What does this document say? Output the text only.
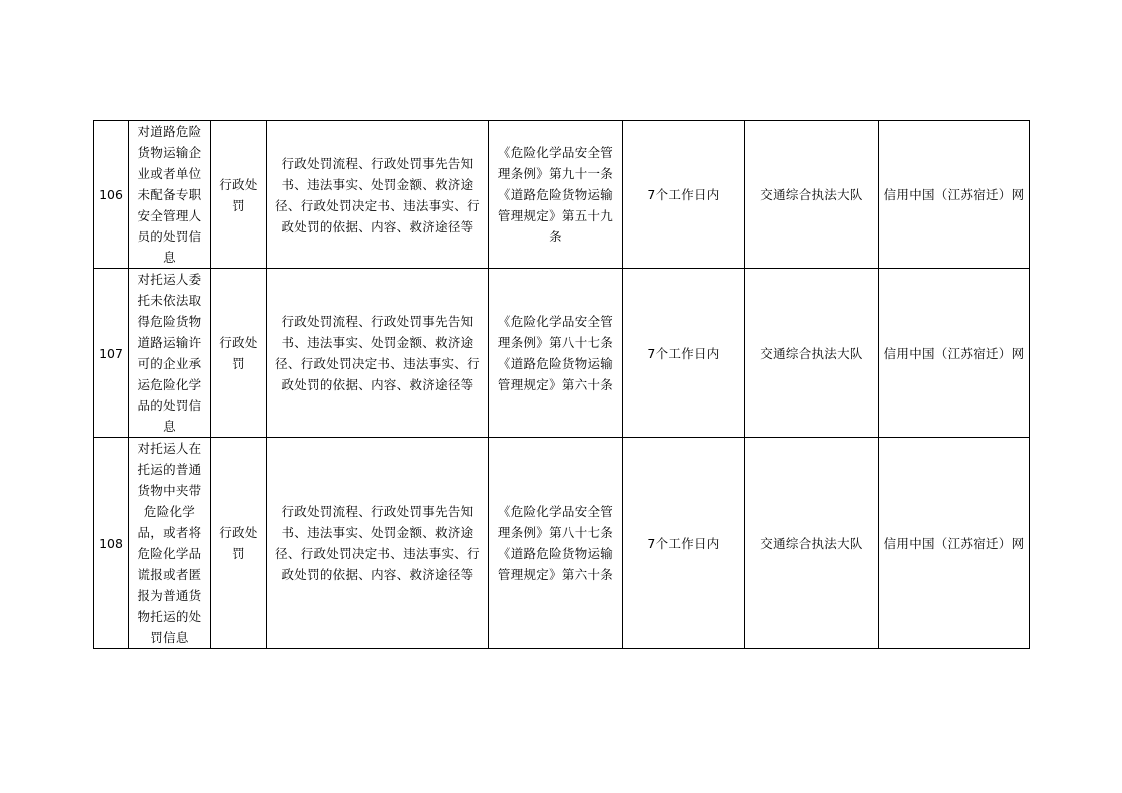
106	对道路危险货物运输企业或者单位未配备专职安全管理人员的处罚信息	行政处罚	行政处罚流程、行政处罚事先告知书、违法事实、处罚金额、救济途径、行政处罚决定书、违法事实、行政处罚的依据、内容、救济途径等	《危险化学品安全管理条例》第九十一条
《道路危险货物运输管理规定》第五十九条	7个工作日内	交通综合执法大队	信用中国（江苏宿迁）网

107	对托运人委托未依法取得危险货物道路运输许可的企业承运危险化学品的处罚信息	行政处罚	行政处罚流程、行政处罚事先告知书、违法事实、处罚金额、救济途径、行政处罚决定书、违法事实、行政处罚的依据、内容、救济途径等	《危险化学品安全管理条例》第八十七条
《道路危险货物运输管理规定》第六十条	7个工作日内	交通综合执法大队	信用中国（江苏宿迁）网

108	对托运人在托运的普通货物中夹带危险化学品，或者将危险化学品谎报或者匿报为普通货物托运的处罚信息	行政处罚	行政处罚流程、行政处罚事先告知书、违法事实、处罚金额、救济途径、行政处罚决定书、违法事实、行政处罚的依据、内容、救济途径等	《危险化学品安全管理条例》第八十七条
《道路危险货物运输管理规定》第六十条	7个工作日内	交通综合执法大队	信用中国（江苏宿迁）网
